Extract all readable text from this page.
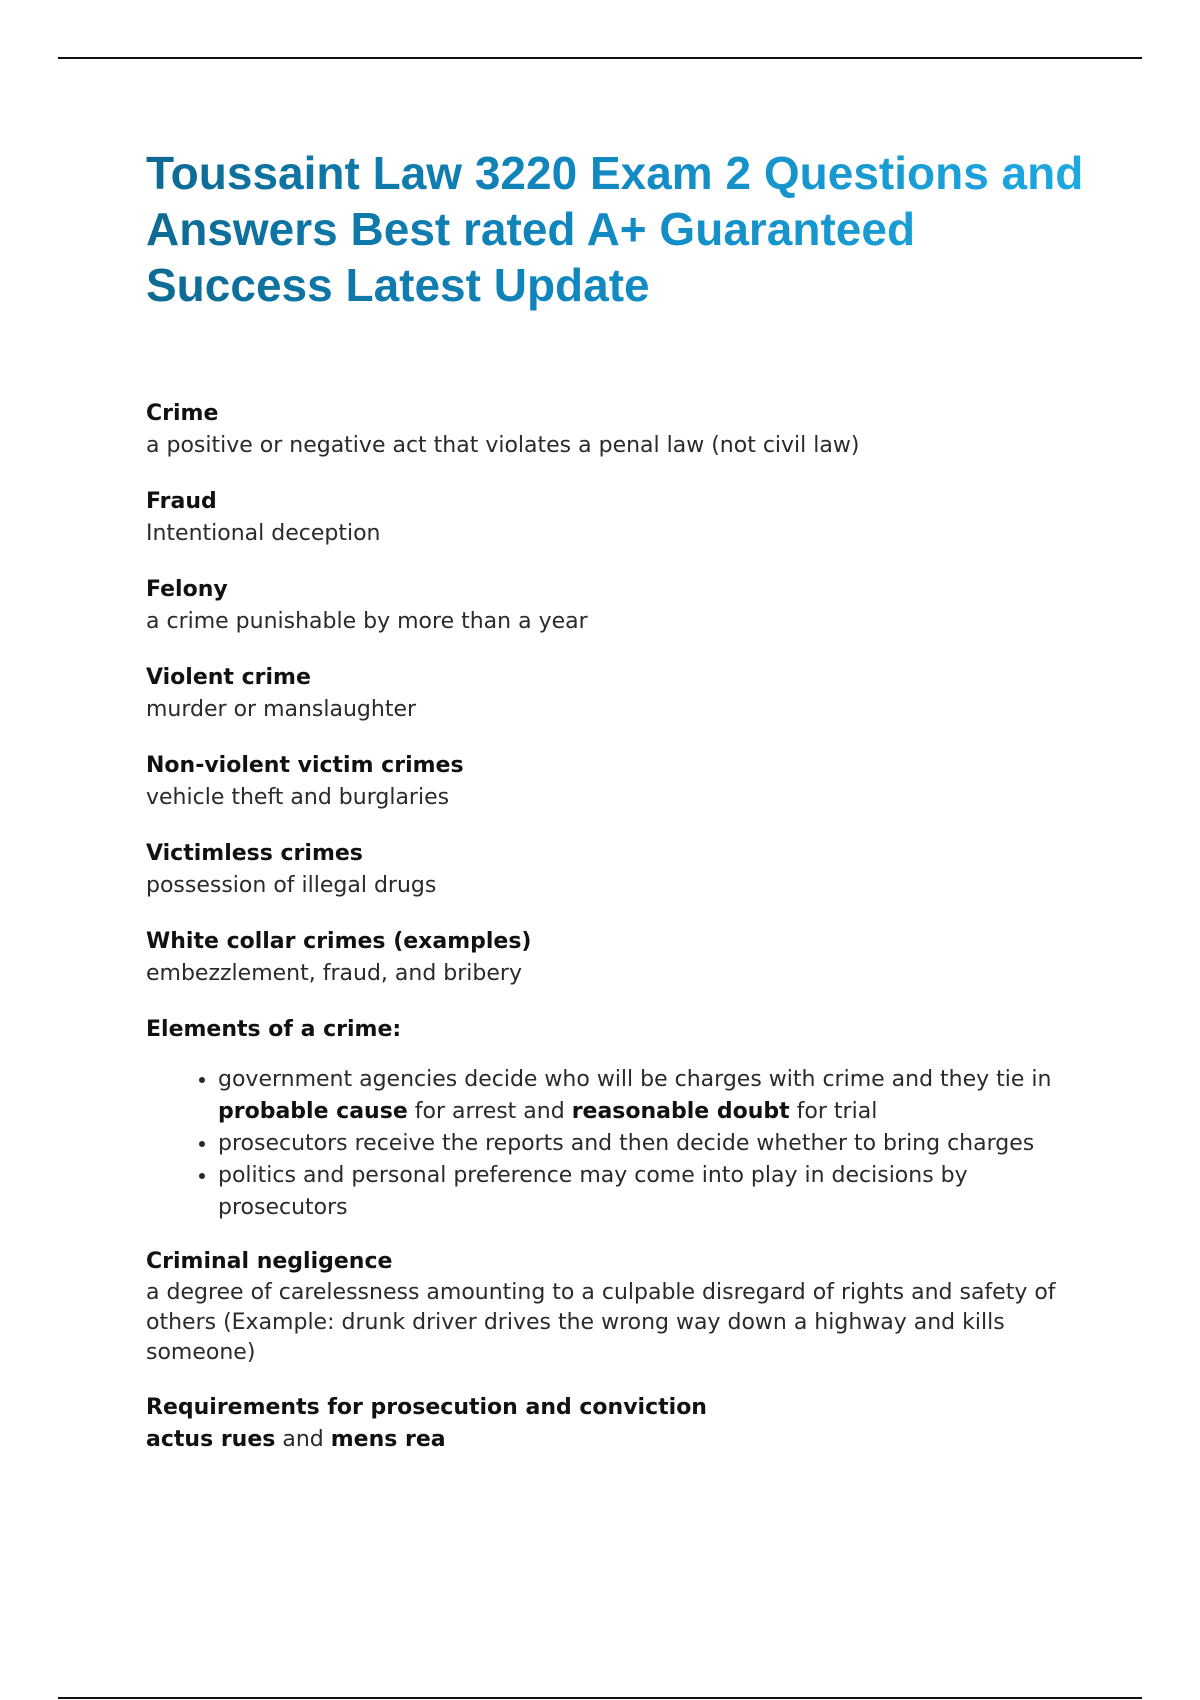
Toussaint Law 3220 Exam 2 Questions and Answers Best rated A+ Guaranteed Success Latest Update
Crime
a positive or negative act that violates a penal law (not civil law)
Fraud
Intentional deception
Felony
a crime punishable by more than a year
Violent crime
murder or manslaughter
Non-violent victim crimes
vehicle theft and burglaries
Victimless crimes
possession of illegal drugs
White collar crimes (examples)
embezzlement, fraud, and bribery
Elements of a crime:
• government agencies decide who will be charges with crime and they tie in probable cause for arrest and reasonable doubt for trial
• prosecutors receive the reports and then decide whether to bring charges
• politics and personal preference may come into play in decisions by prosecutors
Criminal negligence
a degree of carelessness amounting to a culpable disregard of rights and safety of others (Example: drunk driver drives the wrong way down a highway and kills someone)
Requirements for prosecution and conviction
actus rues and mens rea
